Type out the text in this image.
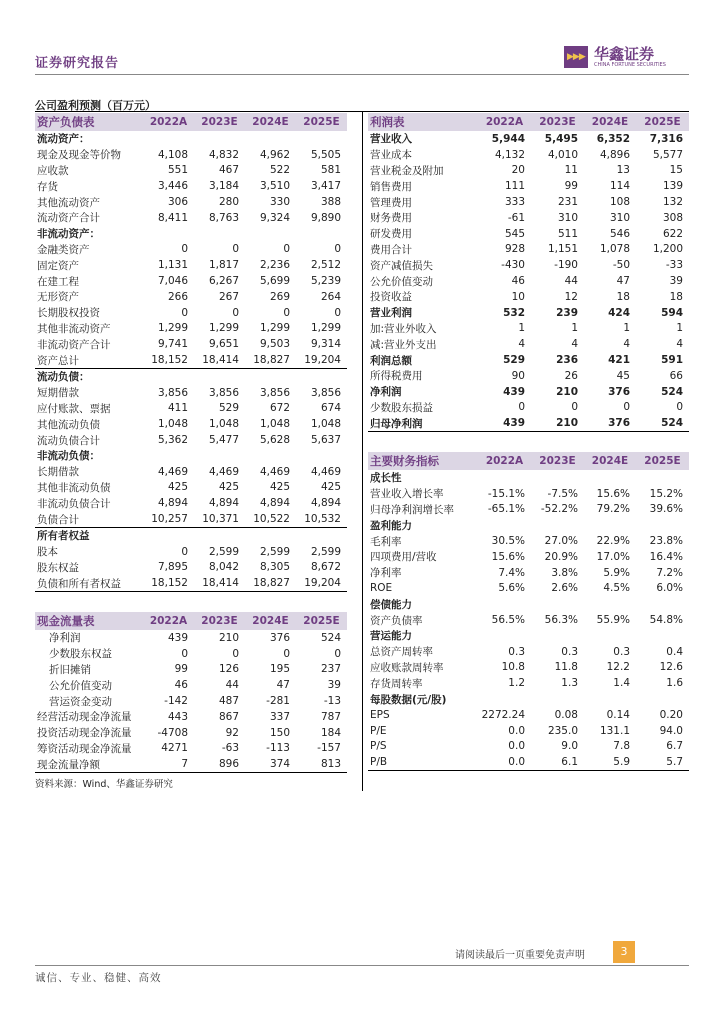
证券研究报告	▶▶▶ 华鑫证券
CHINA FORTUNE SECURITIES
公司盈利预测（百万元）
资产负债表	2022A	2023E	2024E	2025E
流动资产：				
现金及现金等价物	4,108	4,832	4,962	5,505
应收款	551	467	522	581
存货	3,446	3,184	3,510	3,417
其他流动资产	306	280	330	388
流动资产合计	8,411	8,763	9,324	9,890
非流动资产：				
金融类资产	0	0	0	0
固定资产	1,131	1,817	2,236	2,512
在建工程	7,046	6,267	5,699	5,239
无形资产	266	267	269	264
长期股权投资	0	0	0	0
其他非流动资产	1,299	1,299	1,299	1,299
非流动资产合计	9,741	9,651	9,503	9,314
资产总计	18,152	18,414	18,827	19,204
流动负债：				
短期借款	3,856	3,856	3,856	3,856
应付账款、票据	411	529	672	674
其他流动负债	1,048	1,048	1,048	1,048
流动负债合计	5,362	5,477	5,628	5,637
非流动负债：				
长期借款	4,469	4,469	4,469	4,469
其他非流动负债	425	425	425	425
非流动负债合计	4,894	4,894	4,894	4,894
负债合计	10,257	10,371	10,522	10,532
所有者权益				
股本	0	2,599	2,599	2,599
股东权益	7,895	8,042	8,305	8,672
负债和所有者权益	18,152	18,414	18,827	19,204
利润表	2022A	2023E	2024E	2025E
营业收入	5,944	5,495	6,352	7,316
营业成本	4,132	4,010	4,896	5,577
营业税金及附加	20	11	13	15
销售费用	111	99	114	139
管理费用	333	231	108	132
财务费用	-61	310	310	308
研发费用	545	511	546	622
费用合计	928	1,151	1,078	1,200
资产减值损失	-430	-190	-50	-33
公允价值变动	46	44	47	39
投资收益	10	12	18	18
营业利润	532	239	424	594
加:营业外收入	1	1	1	1
减:营业外支出	4	4	4	4
利润总额	529	236	421	591
所得税费用	90	26	45	66
净利润	439	210	376	524
少数股东损益	0	0	0	0
归母净利润	439	210	376	524
主要财务指标	2022A	2023E	2024E	2025E
成长性				
营业收入增长率	-15.1%	-7.5%	15.6%	15.2%
归母净利润增长率	-65.1%	-52.2%	79.2%	39.6%
盈利能力				
毛利率	30.5%	27.0%	22.9%	23.8%
四项费用/营收	15.6%	20.9%	17.0%	16.4%
净利率	7.4%	3.8%	5.9%	7.2%
ROE	5.6%	2.6%	4.5%	6.0%
偿债能力				
资产负债率	56.5%	56.3%	55.9%	54.8%
营运能力				
总资产周转率	0.3	0.3	0.3	0.4
应收账款周转率	10.8	11.8	12.2	12.6
存货周转率	1.2	1.3	1.4	1.6
每股数据(元/股)				
EPS	2272.24	0.08	0.14	0.20
P/E	0.0	235.0	131.1	94.0
P/S	0.0	9.0	7.8	6.7
P/B	0.0	6.1	5.9	5.7
现金流量表	2022A	2023E	2024E	2025E
净利润	439	210	376	524
少数股东权益	0	0	0	0
折旧摊销	99	126	195	237
公允价值变动	46	44	47	39
营运资金变动	-142	487	-281	-13
经营活动现金净流量	443	867	337	787
投资活动现金净流量	-4708	92	150	184
筹资活动现金净流量	4271	-63	-113	-157
现金流量净额	7	896	374	813
资料来源：Wind、华鑫证券研究
请阅读最后一页重要免责声明	3
诚信、专业、稳健、高效
